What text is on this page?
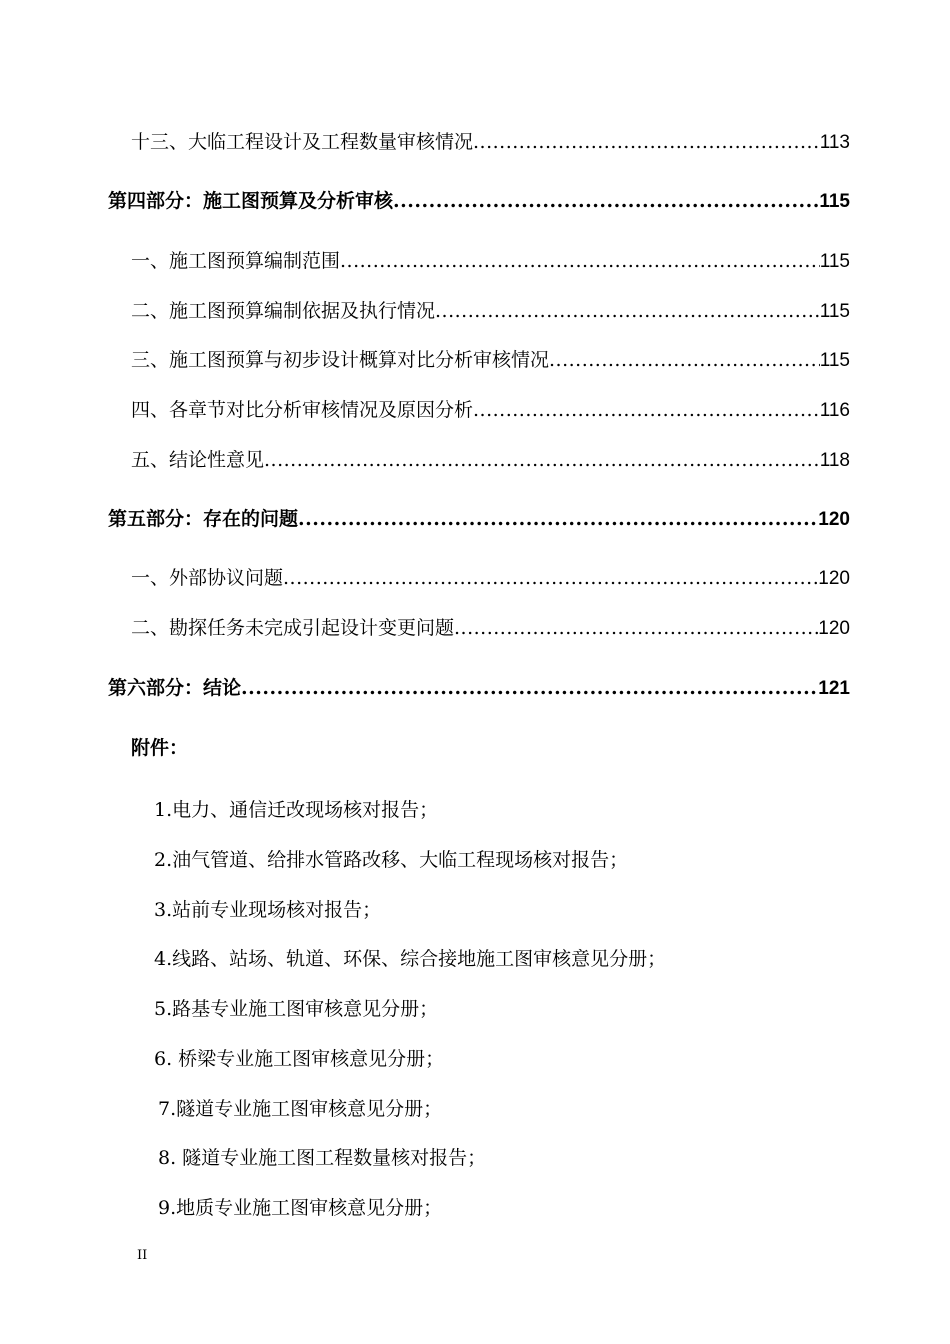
十三、大临工程设计及工程数量审核情况 .....	113
第四部分：施工图预算及分析审核 .....	115
一、施工图预算编制范围 .....	115
二、施工图预算编制依据及执行情况 .....	115
三、施工图预算与初步设计概算对比分析审核情况 .....	115
四、各章节对比分析审核情况及原因分析 .....	116
五、结论性意见 .....	118
第五部分：存在的问题 .....	120
一、外部协议问题 .....	120
二、勘探任务未完成引起设计变更问题 .....	120
第六部分：结论 .....	121
附件：
1.电力、通信迁改现场核对报告；
2.油气管道、给排水管路改移、大临工程现场核对报告；
3.站前专业现场核对报告；
4.线路、站场、轨道、环保、综合接地施工图审核意见分册；
5.路基专业施工图审核意见分册；
6. 桥梁专业施工图审核意见分册；
7.隧道专业施工图审核意见分册；
8. 隧道专业施工图工程数量核对报告；
9.地质专业施工图审核意见分册；
II
